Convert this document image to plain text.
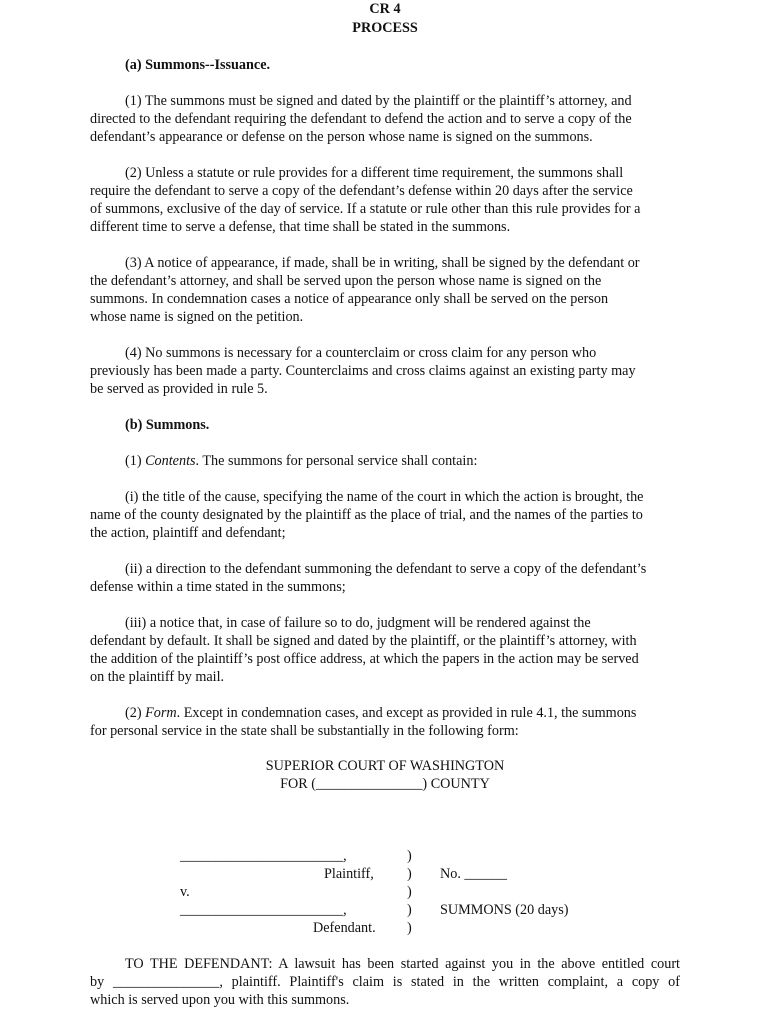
CR 4
PROCESS
(a) Summons--Issuance.
(1) The summons must be signed and dated by the plaintiff or the plaintiff’s attorney, and
directed to the defendant requiring the defendant to defend the action and to serve a copy of the
defendant’s appearance or defense on the person whose name is signed on the summons.
(2) Unless a statute or rule provides for a different time requirement, the summons shall
require the defendant to serve a copy of the defendant’s defense within 20 days after the service
of summons, exclusive of the day of service. If a statute or rule other than this rule provides for a
different time to serve a defense, that time shall be stated in the summons.
(3) A notice of appearance, if made, shall be in writing, shall be signed by the defendant or
the defendant’s attorney, and shall be served upon the person whose name is signed on the
summons. In condemnation cases a notice of appearance only shall be served on the person
whose name is signed on the petition.
(4) No summons is necessary for a counterclaim or cross claim for any person who
previously has been made a party. Counterclaims and cross claims against an existing party may
be served as provided in rule 5.
(b) Summons.
(1) Contents. The summons for personal service shall contain:
(i) the title of the cause, specifying the name of the court in which the action is brought, the
name of the county designated by the plaintiff as the place of trial, and the names of the parties to
the action, plaintiff and defendant;
(ii) a direction to the defendant summoning the defendant to serve a copy of the defendant’s
defense within a time stated in the summons;
(iii) a notice that, in case of failure so to do, judgment will be rendered against the
defendant by default. It shall be signed and dated by the plaintiff, or the plaintiff’s attorney, with
the addition of the plaintiff’s post office address, at which the papers in the action may be served
on the plaintiff by mail.
(2) Form. Except in condemnation cases, and except as provided in rule 4.1, the summons
for personal service in the state shall be substantially in the following form:
SUPERIOR COURT OF WASHINGTON
FOR (_______________) COUNTY
_______________________,
Plaintiff,
v.
_______________________,
Defendant.
)
)
)
)
)
No. ______
SUMMONS (20 days)
TO THE DEFENDANT: A lawsuit has been started against you in the above entitled court
by _______________, plaintiff. Plaintiff's claim is stated in the written complaint, a copy of
which is served upon you with this summons.
